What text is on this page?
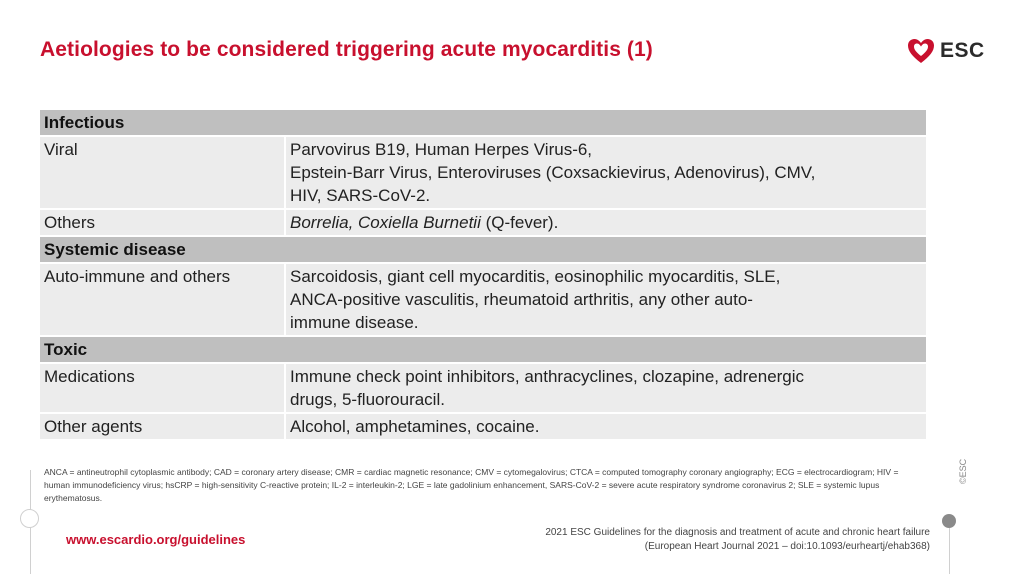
Aetiologies to be considered triggering acute myocarditis (1)	ESC
Infectious	
Viral	Parvovirus B19, Human Herpes Virus-6,
Epstein-Barr Virus, Enteroviruses (Coxsackievirus, Adenovirus), CMV,
HIV, SARS-CoV-2.

Others	Borrelia, Coxiella Burnetii (Q-fever).
Systemic disease	
Auto-immune and others	Sarcoidosis, giant cell myocarditis, eosinophilic myocarditis, SLE,
ANCA-positive vasculitis, rheumatoid arthritis, any other auto-
immune disease.

Toxic	
Medications	Immune check point inhibitors, anthracyclines, clozapine, adrenergic
drugs, 5-fluorouracil.

Other agents	Alcohol, amphetamines, cocaine.
ANCA = antineutrophil cytoplasmic antibody; CAD = coronary artery disease; CMR = cardiac magnetic resonance; CMV = cytomegalovirus; CTCA = computed tomography coronary angiography; ECG = electrocardiogram; HIV = human immunodeficiency virus; hsCRP = high-sensitivity C-reactive protein; IL-2 = interleukin-2; LGE = late gadolinium enhancement, SARS-CoV-2 = severe acute respiratory syndrome coronavirus 2; SLE = systemic lupus erythematosus.
©ESC
www.escardio.org/guidelines	2021 ESC Guidelines for the diagnosis and treatment of acute and chronic heart failure
(European Heart Journal 2021 – doi:10.1093/eurheartj/ehab368)
